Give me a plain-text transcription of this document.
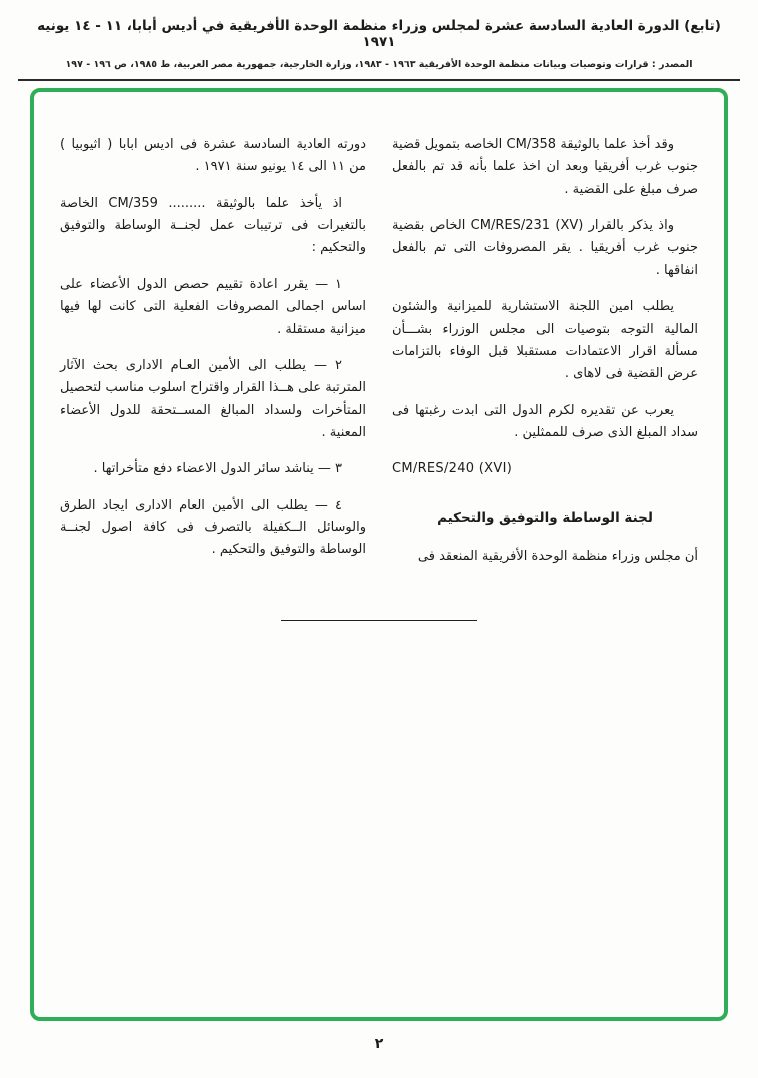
(تابع) الدورة العادية السادسة عشرة لمجلس وزراء منظمة الوحدة الأفريقية في أديس أبابا، ١١ - ١٤ يونيه ١٩٧١
المصدر : قرارات وتوصيات وبيانات منظمة الوحدة الأفريقية ١٩٦٣ - ١٩٨٣، وزارة الخارجية، جمهورية مصر العربية، ط ١٩٨٥، ص ١٩٦ - ١٩٧

وقد أخذ علما بالوثيقة CM/358 الخاصه بتمويل قضية جنوب غرب أفريقيا وبعد ان اخذ علما بأنه قد تم بالفعل صرف مبلغ على القضية .

واذ يذكر بالقرار CM/RES/231 (XV) الخاص بقضية جنوب غرب أفريقيا . يقر المصروفات التى تم بالفعل انفاقها .

يطلب امين اللجنة الاستشارية للميزانية والشئون المالية التوجه بتوصيات الى مجلس الوزراء بشـــأن مسألة اقرار الاعتمادات مستقبلا قبل الوفاء بالتزامات عرض القضية فى لاهاى .

يعرب عن تقديره لكرم الدول التى ابدت رغبتها فى سداد المبلغ الذى صرف للممثلين .

CM/RES/240 (XVI)

لجنة الوساطة والتوفيق والتحكيم

أن مجلس وزراء منظمة الوحدة الأفريقية المنعقد فى

دورته العادية السادسة عشرة فى اديس ابابا ( اثيوبيا ) من ١١ الى ١٤ يونيو سنة ١٩٧١ .

اذ يأخذ علما بالوثيقة ......... CM/359 الخاصة بالتغيرات فى ترتيبات عمل لجنــة الوساطة والتوفيق والتحكيم :

١ — يقرر اعادة تقييم حصص الدول الأعضاء على اساس اجمالى المصروفات الفعلية التى كانت لها فيها ميزانية مستقلة .

٢ — يطلب الى الأمين العـام الادارى بحث الآثار المترتبة على هــذا القرار واقتراح اسلوب مناسب لتحصيل المتأخرات ولسداد المبالغ المســتحقة للدول الأعضاء المعنية .

٣ — يناشد سائر الدول الاعضاء دفع متأخراتها .

٤ — يطلب الى الأمين العام الادارى ايجاد الطرق والوسائل الــكفيلة بالتصرف فى كافة اصول لجنــة الوساطة والتوفيق والتحكيم .

٢
